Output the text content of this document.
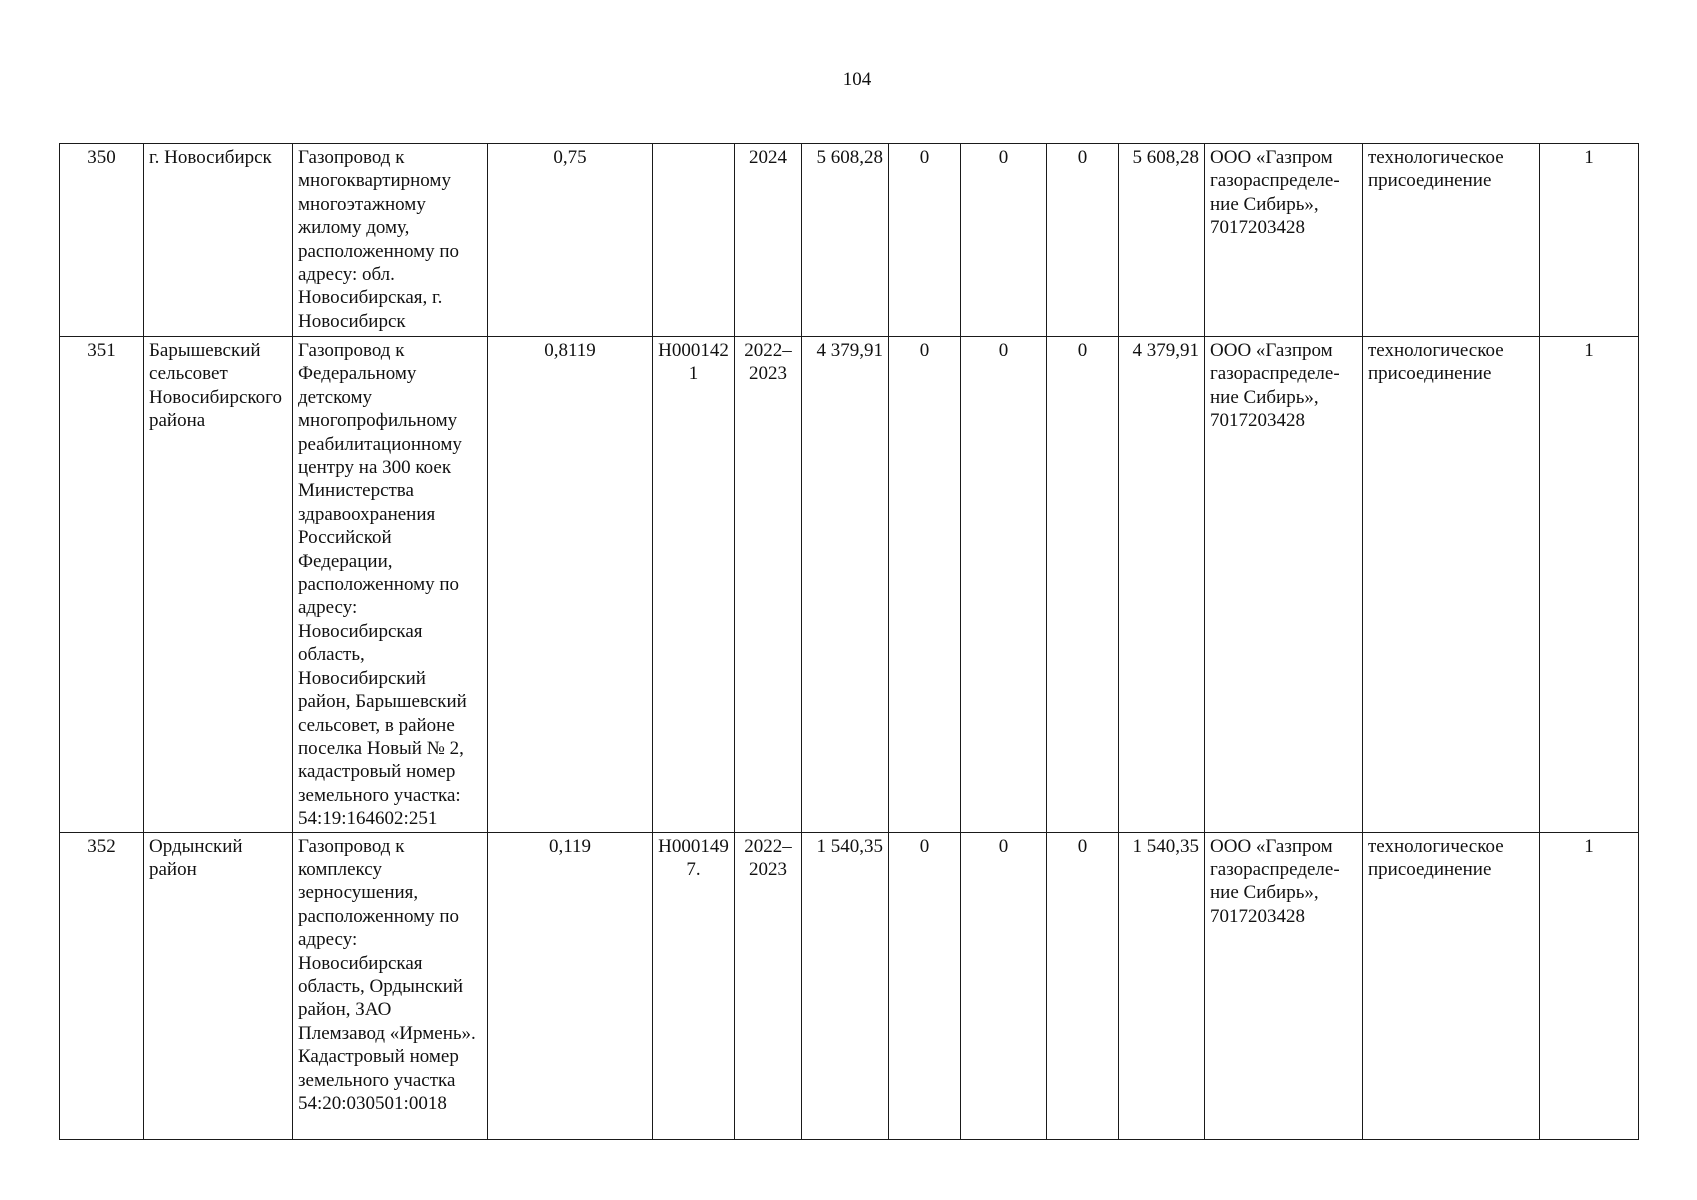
104
350	г. Новосибирск	Газопровод к многоквартирному многоэтажному жилому дому, расположенному по адресу: обл. Новосибирская, г. Новосибирск	0,75		2024	5 608,28	0	0	0	5 608,28	ООО «Газпром газораспределе-ние Сибирь», 7017203428	технологическое присоединение	1
351	Барышевский сельсовет Новосибирского района	Газопровод к Федеральному детскому многопрофильному реабилитационному центру на 300 коек Министерства здравоохранения Российской Федерации, расположенному по адресу: Новосибирская область, Новосибирский район, Барышевский сельсовет, в районе поселка Новый № 2, кадастровый номер земельного участка: 54:19:164602:251	0,8119	Н000142 1	2022–2023	4 379,91	0	0	0	4 379,91	ООО «Газпром газораспределе-ние Сибирь», 7017203428	технологическое присоединение	1
352	Ордынский район	Газопровод к комплексу зерносушения, расположенному по адресу: Новосибирская область, Ордынский район, ЗАО Племзавод «Ирмень». Кадастровый номер земельного участка 54:20:030501:0018	0,119	Н000149 7.	2022–2023	1 540,35	0	0	0	1 540,35	ООО «Газпром газораспределе-ние Сибирь», 7017203428	технологическое присоединение	1
